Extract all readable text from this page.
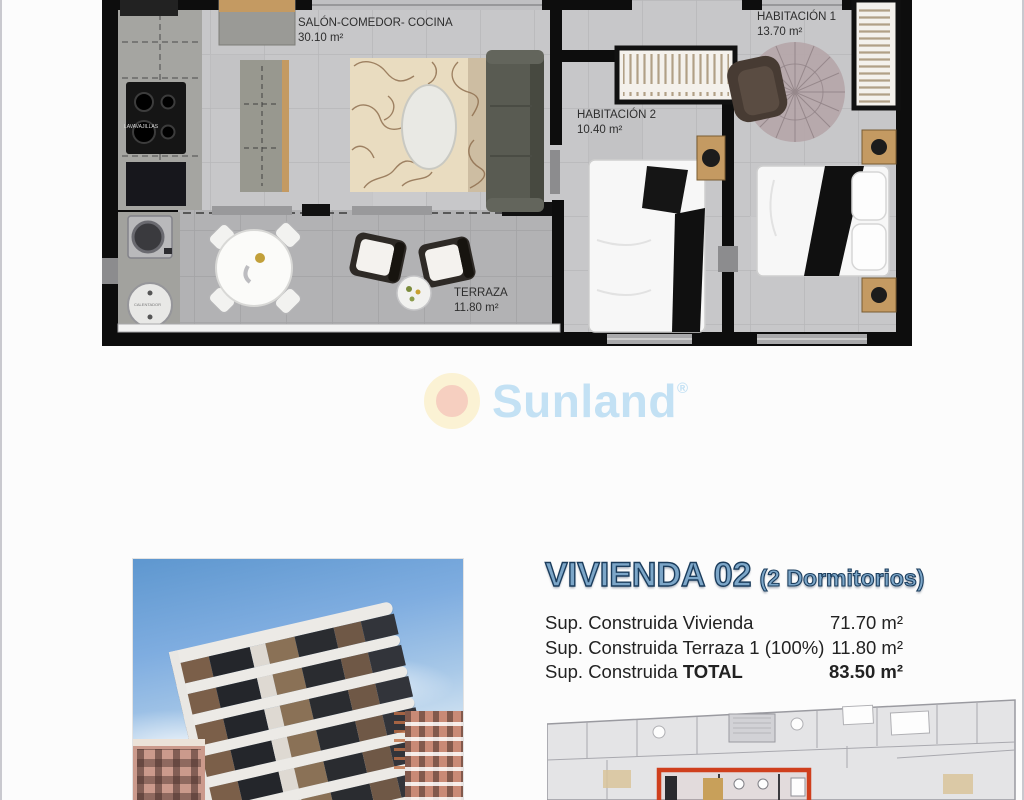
SALÓN-COMEDOR- COCINA
30.10 m²
HABITACIÓN 1
13.70 m²
HABITACIÓN 2
10.40 m²
TERRAZA
11.80 m²
LAVAVAJILLAS
CALENTADOR
Sunland®
VIVIENDA 02 (2 Dormitorios)
Sup. Construida Vivienda	71.70 m²
Sup. Construida Terraza 1 (100%) 11.80 m²
Sup. Construida TOTAL	83.50 m²
